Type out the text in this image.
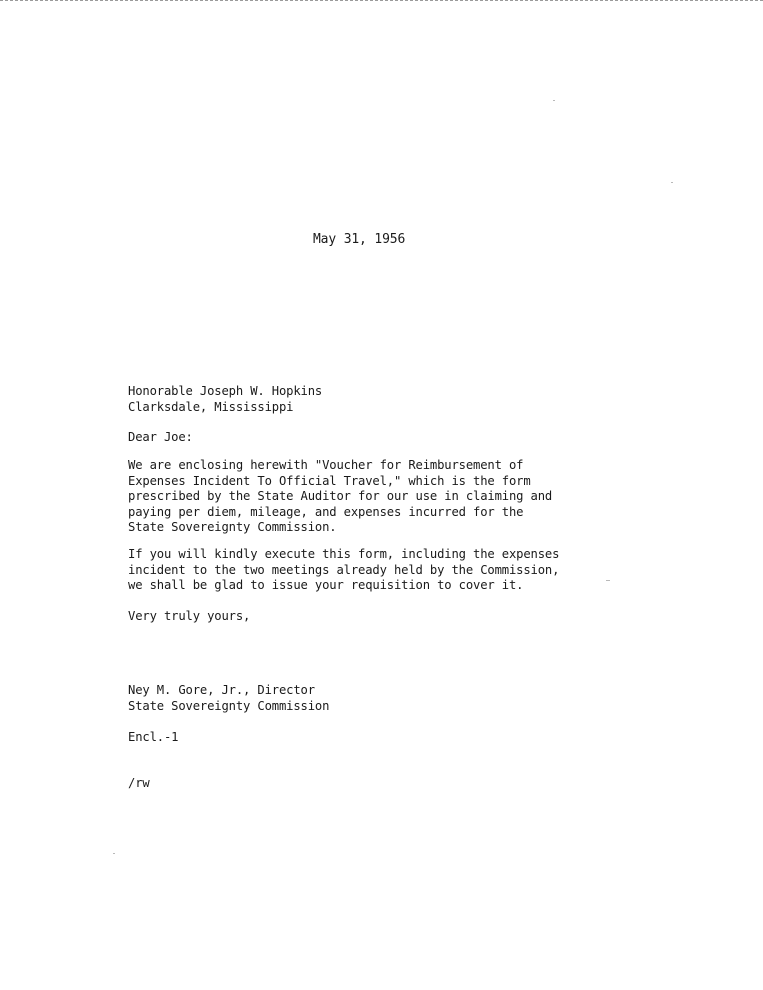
May 31, 1956
Honorable Joseph W. Hopkins
Clarksdale, Mississippi
Dear Joe:
We are enclosing herewith "Voucher for Reimbursement of
Expenses Incident To Official Travel," which is the form
prescribed by the State Auditor for our use in claiming and
paying per diem, mileage, and expenses incurred for the
State Sovereignty Commission.
If you will kindly execute this form, including the expenses
incident to the two meetings already held by the Commission,
we shall be glad to issue your requisition to cover it.
Very truly yours,
Ney M. Gore, Jr., Director
State Sovereignty Commission
Encl.-1
/rw
